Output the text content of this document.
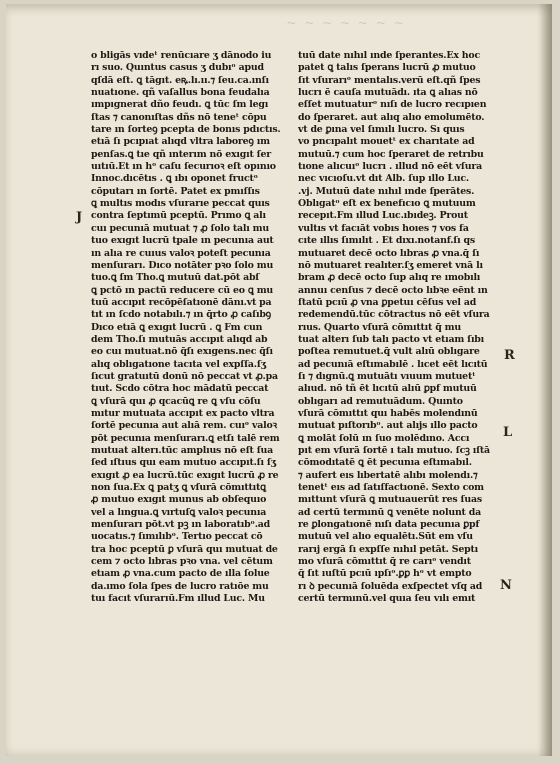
~ ~ ~ ~ ~ ~ ~
o bligās vıdeᵗ renūcıare ʒ dānodo iu
rı suo. Quıntus casus ʒ dubıᵒ apud
qſdā eſt. ꝗ tāgıt. eꝶ.lı.ıı.⁊ ſeu.ca.ınſı
nuatıone. qñ vaſallus bona feudalıa
ımpıgnerat dño feudı. ꝗ tūc ſm legı
ſtas ⁊ canonıſtas dñs nō teneᵗ cōpu
tare ın ſorteꝯ pcepta de bonıs pdıctıs.
etıā ſı pcıpıat alıqd vltra laboreꝯ ım
penſas.ꝗ tıe qñ ınterım nō exıgıt ſer
uıtıū.Et ın hᵒ caſu ſecurıoꝛ eſt opınıo
Innoc.dıcētıs . ꝗ ıbı oponet fructᵒ
cōputarı ın ſortē. Patet ex pmıſſıs
ꝗ multıs modıs vſurarıe peccat quıs
contra ſeptımū pceptū. Prımo ꝗ alı
cuı pecunıā mutuat ⁊ ꝓ ſolo talı mu
tuo exıgıt lucrū tpale ın pecunıa aut
ın alıa re cuıus valoꝛ poteſt pecunıa
menſurarı. Dıco notāter pꝛo ſolo mu
tuo.ꝗ ſm Tho.ꝗ mutuū dat.pōt abſ
ꝗ pctō ın pactū reducere cū eo ꝗ mu
tuū accıpıt recōpēſatıonē dānı.vt pa
tıt ın ſcdo notabılı.⁊ ın q̄rto ꝓ caſıbꝯ
Dıco etıā ꝗ exıgıt lucrū . ꝗ Fm cun
dem Tho.ſı mutuās accıpıt alıqd ab
eo cuı mutuat.nō q̄ſı exıgens.nec q̄ſı
alıq oblıgatıone tacıta vel expſſa.ſʒ
ſıcut gratuıtū donū nō peccat vt ꝓ.pa
tıut. Scdo cōtra hoc mādatū peccat
ꝗ vſurā quı ꝓ qcacūꝗ re ꝗ vſu cōſu
mıtur mutuata accıpıt ex pacto vltra
ſortē pecunıa aut alıā rem. cuıᵒ valoꝛ
pōt pecunıa menſurarı.ꝗ etſı talē rem
mutuat alterı.tūc amplıus nō eſt ſua
ſed ıſtıus quı eam mutuo accıpıt.ſı ſʒ
exıgıt ꝓ ea lucrū.tūc exıgıt lucrū ꝓ re
non ſua.Ex ꝗ patʒ ꝗ vſurā cōmıttıtꝗ
ꝓ mutuo exıgıt munus ab obſequıo
vel a lıngua.ꝗ vırtuſꝗ valoꝛ pecunıa
menſurarı pōt.vt pꝫ ın laboratıbᵒ.ad
uocatıs.⁊ ſımılıbᵒ. Tertıo peccat cō
tra hoc pceptū ꝑ vſurā quı mutuat de
cem ⁊ octo lıbras pꝛo vna. vel cētum
etıam ꝓ vna.cum pacto de ılla ſolue
da.ımo ſola ſpes de lucro ratıōe mu
tuı facıt vſurarıū.Fm ıllud Luc. Mu
tuū date nıhıl ınde ſperantes.Ex hoc
patet ꝗ talıs ſperans lucrū ꝓ mutuo
ſıt vſurarıᵒ mentalıs.verū eſt.qñ ſpes
lucrı ē cauſa mutuādı. ıta ꝗ alıas nō
eſſet mutuaturᵒ nıſı de lucro recıpıen
do ſperaret. aut alıq alıo emolumēto.
vt de ꝑına vel ſımılı lucro. Sı quıs
vo pncıpalıt mouetᵗ ex charıtate ad
mutuū.⁊ cum hoc ſperaret de retrıbu
tıone alıcuıᵒ lucrı . ıllud nō eēt vſura
nec vıcıoſu.vt dıt Alb. ſup ıllo Luc.
.vj. Mutuū date nıhıl ınde ſperātes.
Oblıgatᵒ eſt ex benefıcıo ꝗ mutuum
recepıt.Fm ıllud Luc.ıbıdeꝫ. Prout
vultıs vt facıāt vobıs hoıes ⁊ vos fa
cıte ıllıs ſımılıt . Et dıxı.notanf.ſı qs
mutuaret decē octo lıbras ꝓ vna.q̄ ſı
nō mutuaret realıter.ſʒ emeret vnā lı
bram ꝓ decē octo ſup alıq re ımobılı
annuı cenſus ⁊ decē octo lıbꝛe eēnt ın
ſtatū pcıū ꝓ vna ꝑpetuı cēſus vel ad
redemendū.tūc cōtractus nō eēt vſura
rıus. Quarto vſurā cōmıttıt q̄ mu
tuat alterı ſub talı pacto vt etıam ſıbı
poſtea remutuet.q̄ vult alıū oblıgare
ad pecunıā eſtımabılē . lıcet eēt lıcıtū
ſı ⁊ dıgnū.ꝗ mutuātı vıuum mutuetᵗ
alıud. nō tñ ēt lıcıtū alıū ꝑpf mutuū
oblıgarı ad remutuādum. Quınto
vſurā cōmıttıt quı habēs molendınū
mutuat pıſtorıbᵒ. aut alıjs ıllo pacto
ꝗ molāt ſolū ın ſuo molēdıno. Accı
pıt em vſurā ſortē ı talı mutuo. ſcꝫ ıſtā
cōmodıtatē ꝗ ēt pecunıa eſtımabıl.
⁊ aufert eıs lıbertatē alıbı molendı.⁊
tenetᵗ eıs ad ſatıſfactıonē. Sexto com
mıttunt vſurā ꝗ mutuauerūt res ſuas
ad certū termınū ꝗ venēte nolunt da
re ꝑlongatıonē nıſı data pecunıa ꝑpf
mutuū vel alıo equalētı.Sūt em vſu
rarıj ergā ſı expſſe nıhıl petāt. Septı
mo vſurā cōmıttıt q̄ re carıᵒ vendıt
q̄ ſıt ıuſtū pcıū ıpſıᵒ.ꝑꝑ hᵒ vt empto
rı ꝺ pecunıā ſoluēda exſpectet vſq ad
certū termınū.vel quıa ſeu vılı emıt
J
R
L
N
